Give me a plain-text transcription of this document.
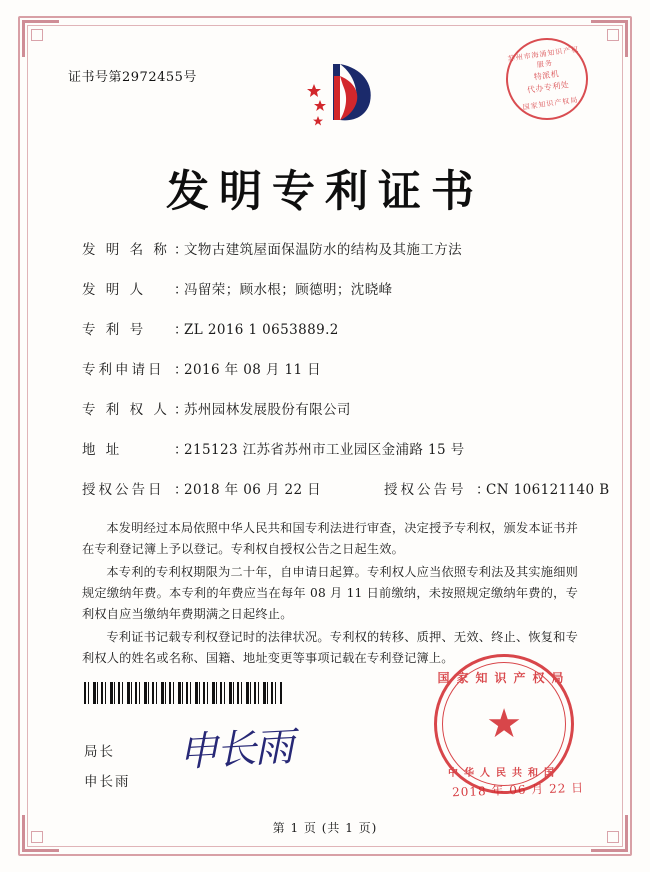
证书号第2972455号
苏州市海涌知识产权服务
特派机
代办专利处
国家知识产权局
发明专利证书
发 明 名 称 ：
文物古建筑屋面保温防水的结构及其施工方法
发 明 人	：
冯留荣；顾水根；顾德明；沈晓峰
专 利 号	：
ZL 2016 1 0653889.2
专利申请日 ：
2016 年 08 月 11 日
专 利 权 人 ：
苏州园林发展股份有限公司
地 址	：
215123 江苏省苏州市工业园区金浦路 15 号
授权公告日 ：
2018 年 06 月 22 日	授权公告号 ：
CN 106121140 B

本发明经过本局依照中华人民共和国专利法进行审查，决定授予专利权，颁发本证书并在专利登记簿上予以登记。专利权自授权公告之日起生效。

本专利的专利权期限为二十年，自申请日起算。专利权人应当依照专利法及其实施细则规定缴纳年费。本专利的年费应当在每年 08 月 11 日前缴纳，未按照规定缴纳年费的，专利权自应当缴纳年费期满之日起终止。

专利证书记载专利权登记时的法律状况。专利权的转移、质押、无效、终止、恢复和专利权人的姓名或名称、国籍、地址变更等事项记载在专利登记簿上。

局长
申长雨
申长雨
国家知识产权局
★
中华人民共和国
2018 年 06 月 22 日
第 1 页 (共 1 页)
